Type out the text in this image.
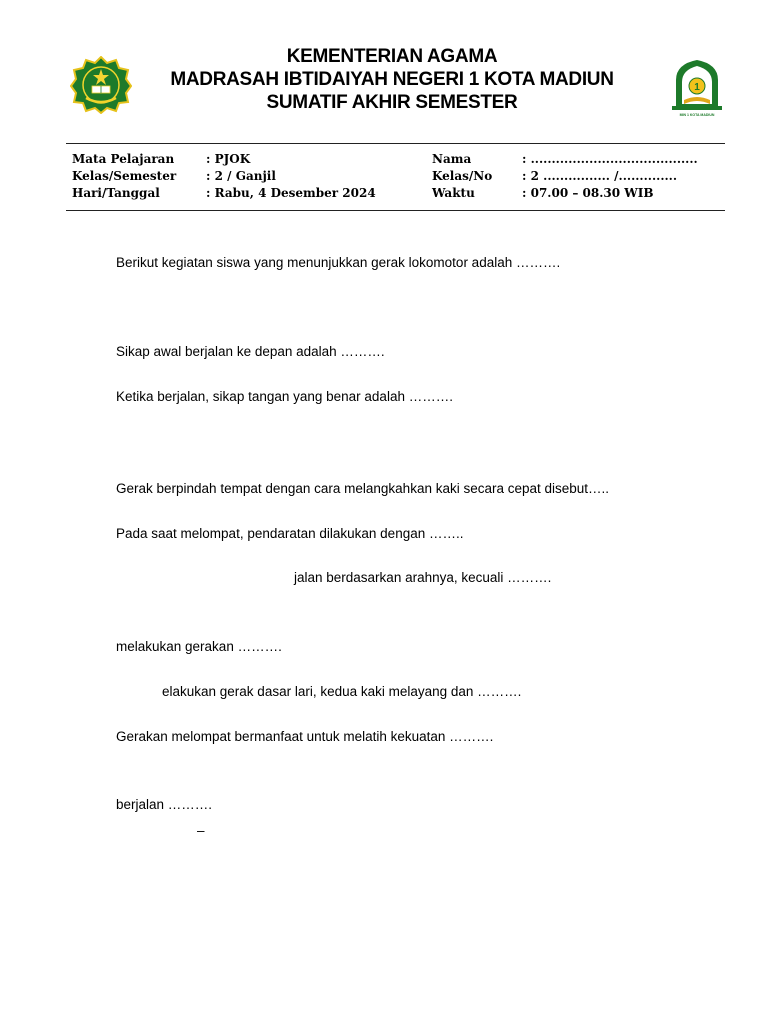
1
MIN 1 KOTA MADIUN
KEMENTERIAN AGAMA
MADRASAH IBTIDAIYAH NEGERI 1 KOTA MADIUN
SUMATIF AKHIR SEMESTER
Mata Pelajaran	: PJOK
Kelas/Semester : 2 / Ganjil
Hari/Tanggal	: Rabu, 4 Desember 2024
Nama	: ........................................
Kelas/No : 2 ................ /..............
Waktu	: 07.00 – 08.30 WIB
Berikut kegiatan siswa yang menunjukkan gerak lokomotor adalah ……….
Sikap awal berjalan ke depan adalah ……….
Ketika berjalan, sikap tangan yang benar adalah ……….
Gerak berpindah tempat dengan cara melangkahkan kaki secara cepat disebut…..
Pada saat melompat, pendaratan dilakukan dengan ……..
jalan berdasarkan arahnya, kecuali ……….
melakukan gerakan ……….
elakukan gerak dasar lari, kedua kaki melayang dan ……….
Gerakan melompat bermanfaat untuk melatih kekuatan ……….
berjalan ……….
–
